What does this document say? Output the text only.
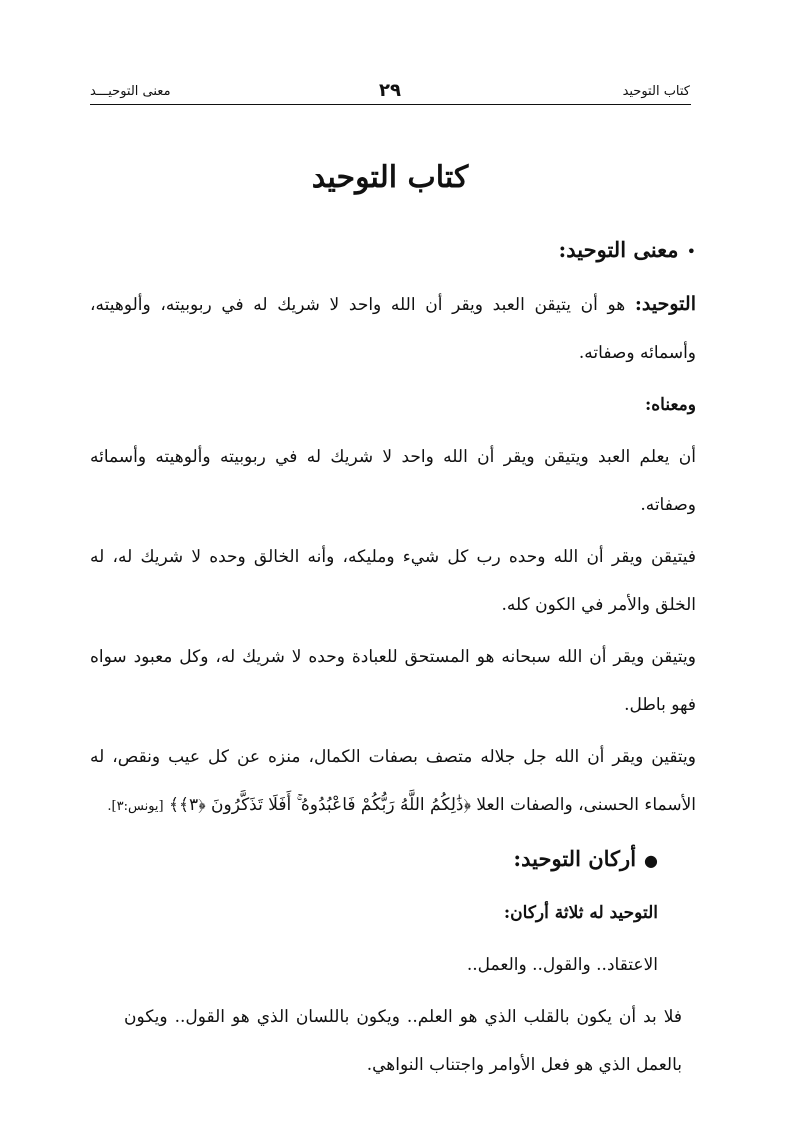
كتاب التوحيد
٢٩
معنى التوحيـــد
كتاب التوحيد

•معنى التوحيد:

التوحيد: هو أن يتيقن العبد ويقر أن الله واحد لا شريك له في ربوبيته، وألوهيته، وأسمائه وصفاته.

ومعناه:

أن يعلم العبد ويتيقن ويقر أن الله واحد لا شريك له في ربوبيته وألوهيته وأسمائه وصفاته.

فيتيقن ويقر أن الله وحده رب كل شيء ومليكه، وأنه الخالق وحده لا شريك له، له الخلق والأمر في الكون كله.

ويتيقن ويقر أن الله سبحانه هو المستحق للعبادة وحده لا شريك له، وكل معبود سواه فهو باطل.

ويتقين ويقر أن الله جل جلاله متصف بصفات الكمال، منزه عن كل عيب ونقص، له الأسماء الحسنى، والصفات العلا ﴿ذَٰلِكُمُ اللَّهُ رَبُّكُمْ فَاعْبُدُوهُ ۚ أَفَلَا تَذَكَّرُونَ ﴿٣﴾﴾ [يونس:٣].

●أركان التوحيد:

التوحيد له ثلاثة أركان:

الاعتقاد.. والقول.. والعمل..

فلا بد أن يكون بالقلب الذي هو العلم.. ويكون باللسان الذي هو القول.. ويكون بالعمل الذي هو فعل الأوامر واجتناب النواهي.
